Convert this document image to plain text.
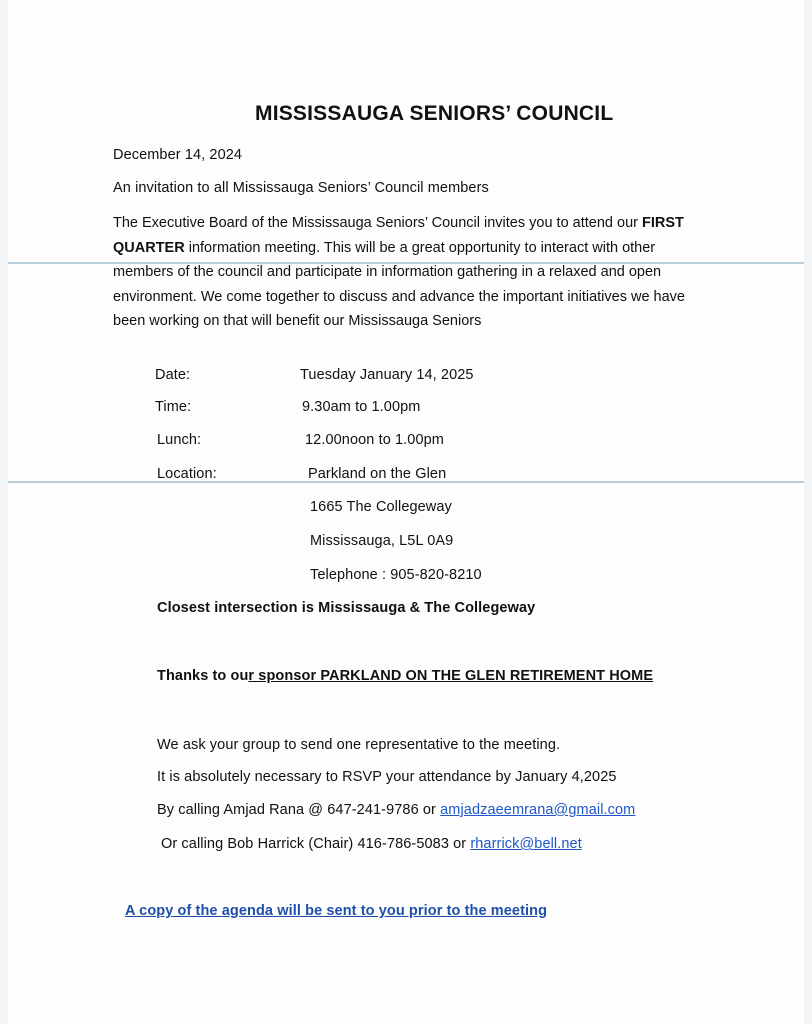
MISSISSAUGA SENIORS’ COUNCIL
December 14, 2024
An invitation to all Mississauga Seniors’ Council members
The Executive Board of the Mississauga Seniors’ Council invites you to attend our FIRST QUARTER information meeting. This will be a great opportunity to interact with other members of the council and participate in information gathering in a relaxed and open environment. We come together to discuss and advance the important initiatives we have been working on that will benefit our Mississauga Seniors
Date:	Tuesday January 14, 2025
Time:	9.30am to 1.00pm
Lunch:	12.00noon to 1.00pm
Location:	Parkland on the Glen
1665 The Collegeway
Mississauga, L5L 0A9
Telephone : 905-820-8210
Closest intersection is Mississauga & The Collegeway
Thanks to our sponsor PARKLAND ON THE GLEN RETIREMENT HOME
We ask your group to send one representative to the meeting.
It is absolutely necessary to RSVP your attendance by January 4,2025
By calling Amjad Rana @ 647-241-9786 or amjadzaeemrana@gmail.com
Or calling Bob Harrick (Chair) 416-786-5083 or rharrick@bell.net
A copy of the agenda will be sent to you prior to the meeting
